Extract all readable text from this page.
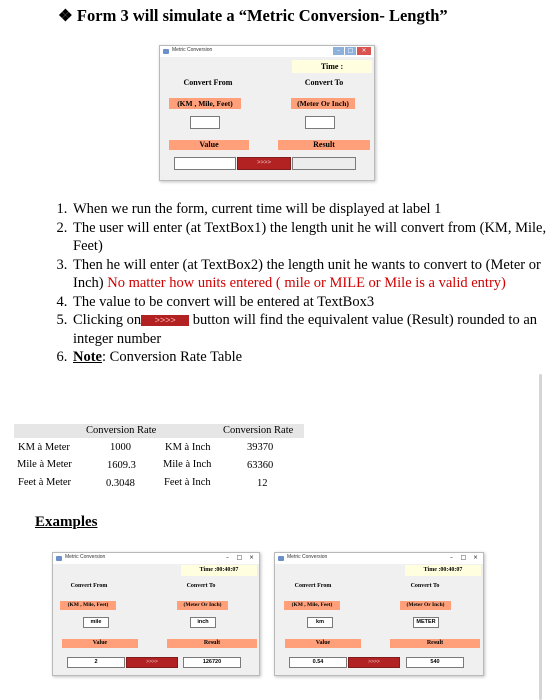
❖ Form 3 will simulate a “Metric Conversion- Length”
Metric Conversion	–	□	×
Time :
Convert From	Convert To
(KM , Mile, Feet)	(Meter Or Inch)
Value	Result
>>>>
1. When we run the form, current time will be displayed at label 1
2. The user will enter (at TextBox1) the length unit he will convert from (KM, Mile, Feet)
3. Then he will enter (at TextBox2) the length unit he wants to convert to (Meter or Inch) No matter how units entered ( mile or MILE or Mile is a valid entry)
4. The value to be convert will be entered at TextBox3
5. Clicking on >>>> button will find the equivalent value (Result) rounded to an integer number
6. Note: Conversion Rate Table
Conversion Rate	Conversion Rate
KM à Meter	1000	KM à Inch	39370
Mile à Meter	1609.3	Mile à Inch	63360
Feet à Meter	0.3048	Feet à Inch	12
Examples
Metric Conversion	–	□	×
Time :00:40:07
Convert From	Convert To
(KM , Mile, Feet)	(Meter Or Inch)
mile	inch
Value	Result
2	>>>>	126720
Metric Conversion	–	□	×
Time :00:40:07
Convert From	Convert To
(KM , Mile, Feet)	(Meter Or Inch)
km	METER
Value	Result
0.54	>>>>	540
